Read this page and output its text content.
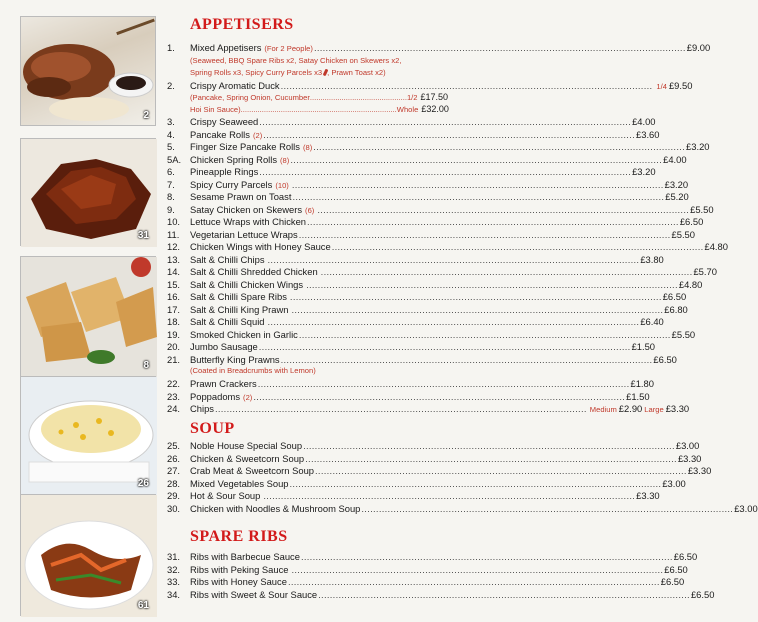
2
31
8
26
61
APPETISERS
1.	Mixed Appetisers (For 2 People) .....	£9.00
(Seaweed, BBQ Spare Ribs x2, Satay Chicken on Skewers x2,
Spring Rolls x3, Spicy Curry Parcels x3 , Prawn Toast x2)
2.	Crispy Aromatic Duck .....	1/4 £9.50
(Pancake, Spring Onion, Cucumber .............................................. 1/2 £17.50
Hoi Sin Sauce) .......................................................................... Whole £32.00
3.	Crispy Seaweed .....	£4.00
4.	Pancake Rolls (2) .....	£3.60
5.	Finger Size Pancake Rolls (8) .....	£3.20
5A. Chicken Spring Rolls (8) .....	£4.00
6.	Pineapple Rings .....	£3.20
7.	Spicy Curry Parcels (10) .....	£3.20
8.	Sesame Prawn on Toast .....	£5.20
9.	Satay Chicken on Skewers (6) .....	£5.50
10.	Lettuce Wraps with Chicken .....	£6.50
11.	Vegetarian Lettuce Wraps .....	£5.50
12.	Chicken Wings with Honey Sauce .....	£4.80
13.	Salt & Chilli Chips .....	£3.80
14.	Salt & Chilli Shredded Chicken .....	£5.70
15.	Salt & Chilli Chicken Wings .....	£4.80
16.	Salt & Chilli Spare Ribs .....	£6.50
17.	Salt & Chilli King Prawn .....	£6.80
18.	Salt & Chilli Squid .....	£6.40
19.	Smoked Chicken in Garlic .....	£5.50
20.	Jumbo Sausage .....	£1.50
21.	Butterfly King Prawns .....	£6.50
(Coated in Breadcrumbs with Lemon)
22.	Prawn Crackers .....	£1.80
23.	Poppadoms (2) .....	£1.50
24.	Chips .....	Medium £2.90 Large £3.30
SOUP
25.	Noble House Special Soup .....	£3.00
26.	Chicken & Sweetcorn Soup .....	£3.30
27.	Crab Meat & Sweetcorn Soup .....	£3.30
28.	Mixed Vegetables Soup .....	£3.00
29.	Hot & Sour Soup .....	£3.30
30.	Chicken with Noodles & Mushroom Soup .....	£3.00
SPARE RIBS
31.	Ribs with Barbecue Sauce .....	£6.50
32.	Ribs with Peking Sauce .....	£6.50
33.	Ribs with Honey Sauce .....	£6.50
34.	Ribs with Sweet & Sour Sauce .....	£6.50
